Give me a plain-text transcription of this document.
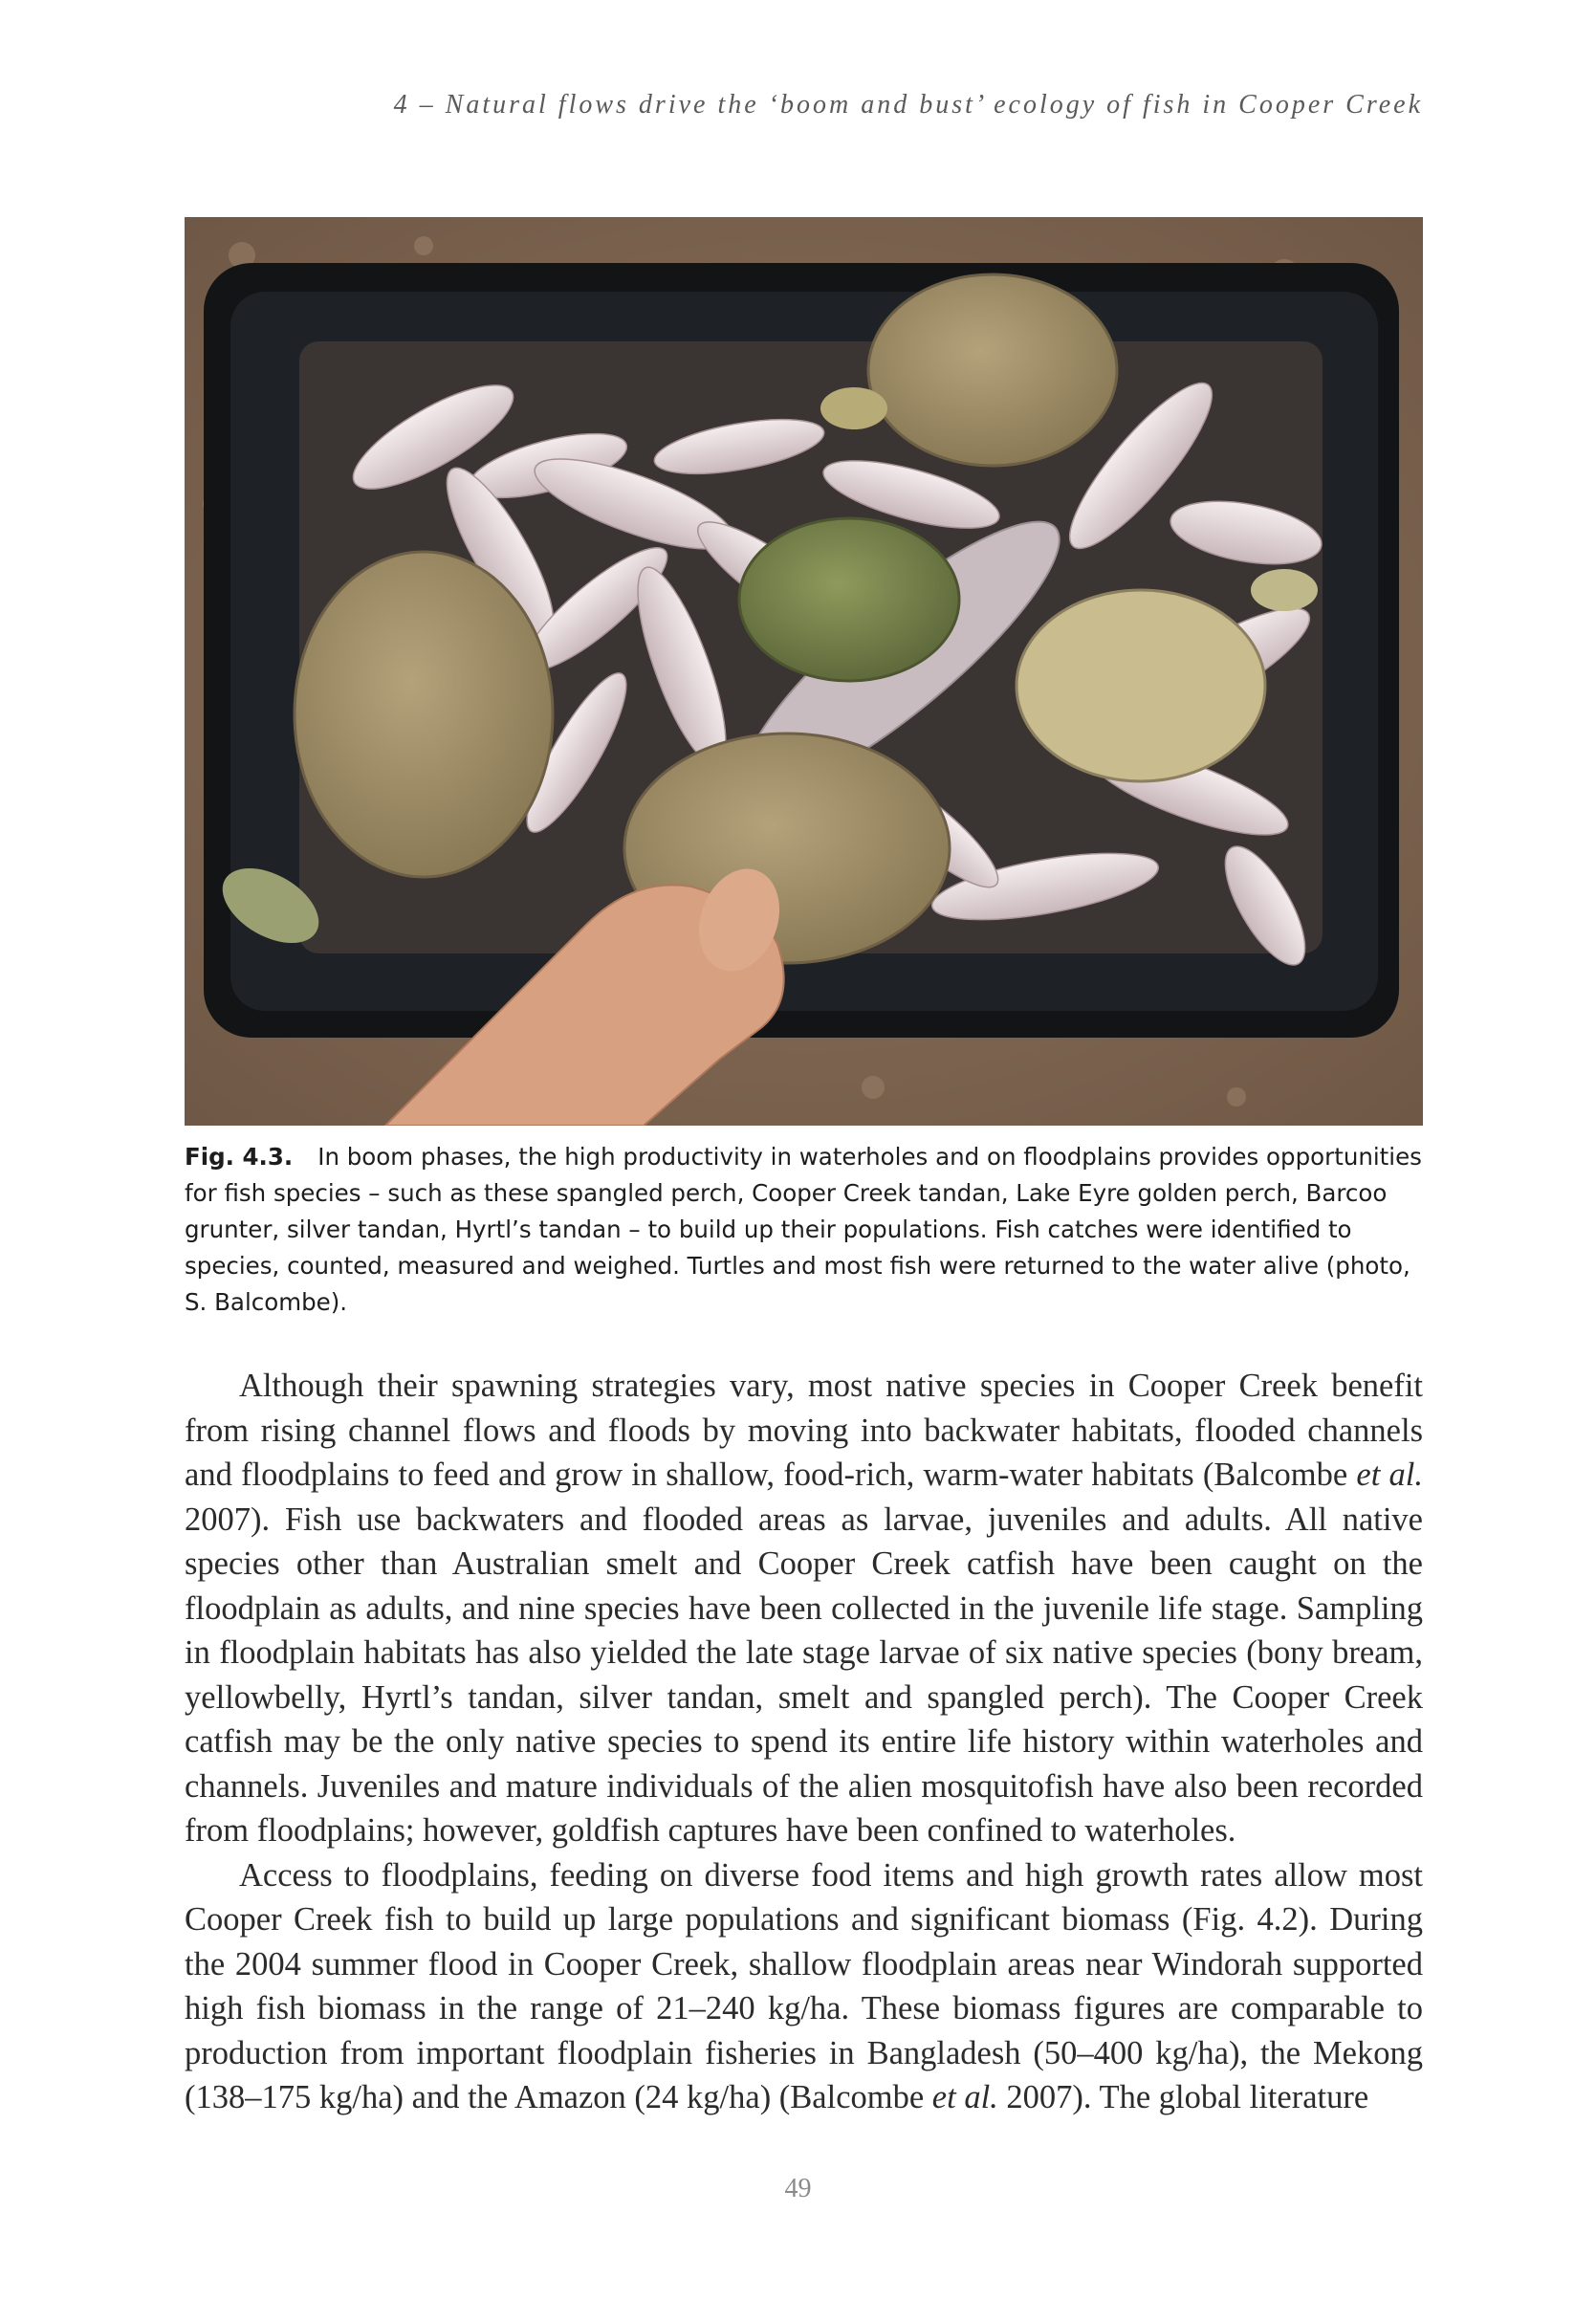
4 – Natural flows drive the ‘boom and bust’ ecology of fish in Cooper Creek
Fig. 4.3. In boom phases, the high productivity in waterholes and on floodplains provides opportunities for fish species – such as these spangled perch, Cooper Creek tandan, Lake Eyre golden perch, Barcoo grunter, silver tandan, Hyrtl’s tandan – to build up their populations. Fish catches were identified to species, counted, measured and weighed. Turtles and most fish were returned to the water alive (photo, S. Balcombe).

Although their spawning strategies vary, most native species in Cooper Creek benefit from rising channel flows and floods by moving into backwater habitats, flooded channels and floodplains to feed and grow in shallow, food-rich, warm-water habitats (Balcombe et al. 2007). Fish use backwaters and flooded areas as larvae, juveniles and adults. All native species other than Australian smelt and Cooper Creek catfish have been caught on the floodplain as adults, and nine species have been collected in the juvenile life stage. Sampling in floodplain habitats has also yielded the late stage larvae of six native species (bony bream, yellowbelly, Hyrtl’s tandan, silver tandan, smelt and spangled perch). The Cooper Creek catfish may be the only native species to spend its entire life history within waterholes and channels. Juveniles and mature individuals of the alien mosquitofish have also been recorded from floodplains; however, goldfish captures have been confined to waterholes.

Access to floodplains, feeding on diverse food items and high growth rates allow most Cooper Creek fish to build up large populations and significant biomass (Fig. 4.2). During the 2004 summer flood in Cooper Creek, shallow floodplain areas near Windorah supported high fish biomass in the range of 21–240 kg/ha. These biomass figures are comparable to production from important floodplain fisheries in Bangladesh (50–400 kg/ha), the Mekong (138–175 kg/ha) and the Amazon (24 kg/ha) (Balcombe et al. 2007). The global literature

49
